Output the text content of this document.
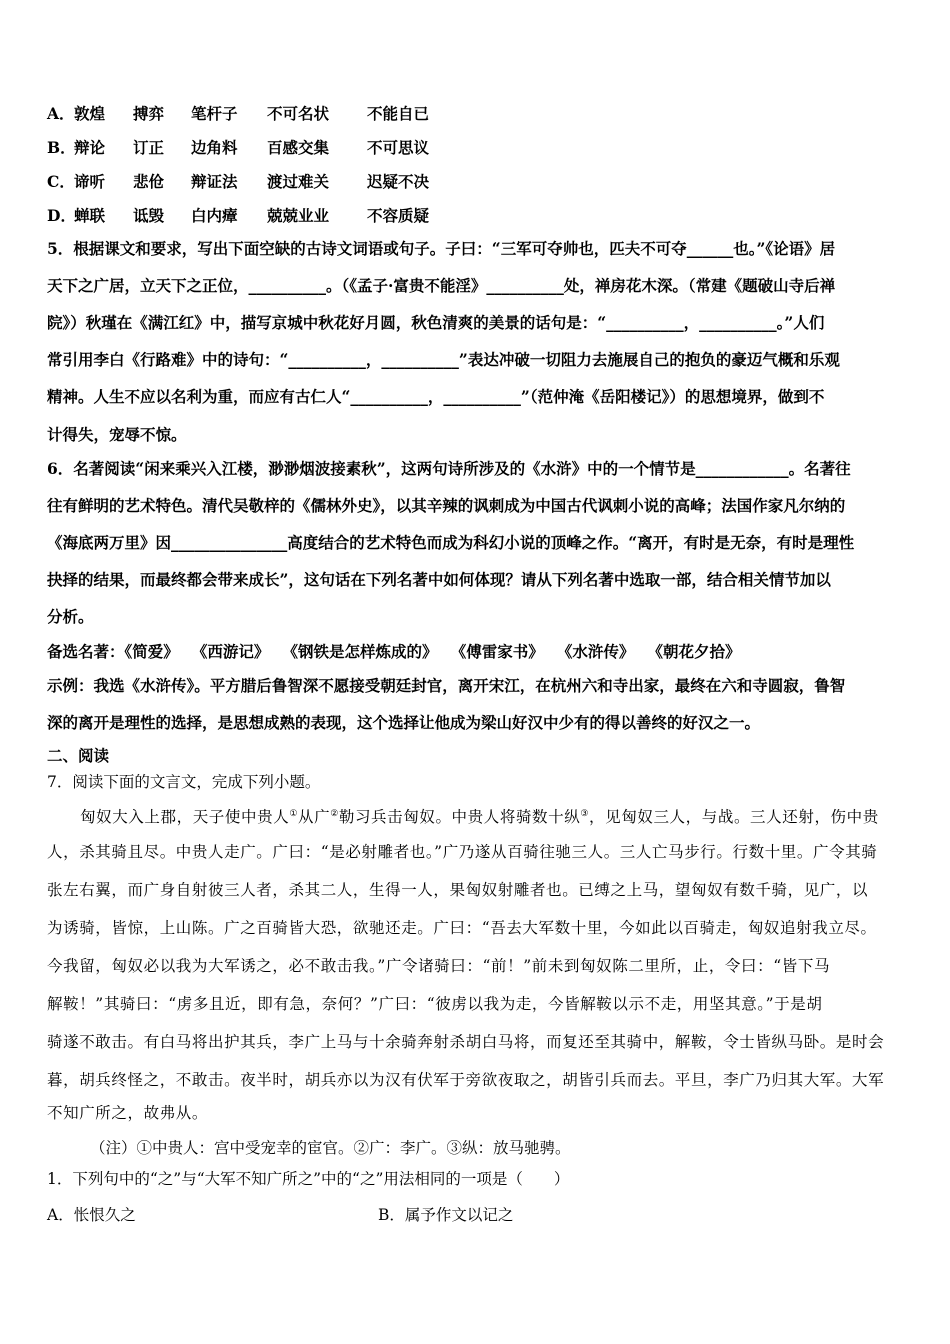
A． 敦煌 搏弈 笔杆子 不可名状 不能自已
B．
辩论 订正 边角料 百感交集 不可思议
C． 谛听 悲伧 辩证法 渡过难关 迟疑不决
D．
蝉联 诋毁 白内瘴 兢兢业业 不容质疑
5．根据课文和要求，写出下面空缺的古诗文词语或句子。子曰：“三军可夺帅也，匹夫不可夺______也。”《论语》居
天下之广居，立天下之正位，__________。（《孟子·富贵不能淫》__________处，禅房花木深。（常建《题破山寺后禅
院》）秋瑾在《满江红》中，描写京城中秋花好月圆，秋色清爽的美景的话句是：“__________，__________。”人们
常引用李白《行路难》中的诗句：“__________，__________”表达冲破一切阻力去施展自己的抱负的豪迈气概和乐观
精神。人生不应以名利为重，而应有古仁人“__________，__________”（范仲淹《岳阳楼记》）的思想境界，做到不
计得失，宠辱不惊。
6．名著阅读“闲来乘兴入江楼，渺渺烟波接素秋”，这两句诗所涉及的《水浒》中的一个情节是____________。名著往
往有鲜明的艺术特色。清代吴敬梓的《儒林外史》，以其辛辣的讽刺成为中国古代讽刺小说的高峰；法国作家凡尔纳的
《海底两万里》因_______________高度结合的艺术特色而成为科幻小说的顶峰之作。“离开，有时是无奈，有时是理性
抉择的结果，而最终都会带来成长”，这句话在下列名著中如何体现？请从下列名著中选取一部，结合相关情节加以
分析。
备选名著：《简爱》　 《西游记》　 《钢铁是怎样炼成的》　 《傅雷家书》　 《水浒传》　 《朝花夕拾》
示例：我选《水浒传》。平方腊后鲁智深不愿接受朝廷封官，离开宋江，在杭州六和寺出家，最终在六和寺圆寂，鲁智
深的离开是理性的选择，是思想成熟的表现，这个选择让他成为梁山好汉中少有的得以善终的好汉之一。
二、阅读
7．阅读下面的文言文，完成下列小题。
匈奴大入上郡，天子使中贵人①从广②勒习兵击匈奴。中贵人将骑数十纵③，见匈奴三人，与战。三人还射，伤中贵
人，杀其骑且尽。中贵人走广。广曰：“是必射雕者也。”广乃遂从百骑往驰三人。三人亡马步行。行数十里。广令其骑
张左右翼，而广身自射彼三人者，杀其二人，生得一人，果匈奴射雕者也。已缚之上马，望匈奴有数千骑，见广，以
为诱骑，皆惊，上山陈。广之百骑皆大恐，欲驰还走。广曰：“吾去大军数十里，今如此以百骑走，匈奴追射我立尽。
今我留，匈奴必以我为大军诱之，必不敢击我。”广令诸骑曰：“前！”前未到匈奴陈二里所，止，令曰：“皆下马
解鞍！”其骑曰：“虏多且近，即有急，奈何？”广曰：“彼虏以我为走，今皆解鞍以示不走，用坚其意。”于是胡
骑遂不敢击。有白马将出护其兵，李广上马与十余骑奔射杀胡白马将，而复还至其骑中，解鞍，令士皆纵马卧。是时会
暮，胡兵终怪之，不敢击。夜半时，胡兵亦以为汉有伏军于旁欲夜取之，胡皆引兵而去。平旦，李广乃归其大军。大军
不知广所之，故弗从。
（注）①中贵人：宫中受宠幸的宦官。②广：李广。③纵：放马驰骋。
1．下列句中的“之”与“大军不知广所之”中的“之”用法相同的一项是（　　）
A．怅恨久之	B．属予作文以记之
